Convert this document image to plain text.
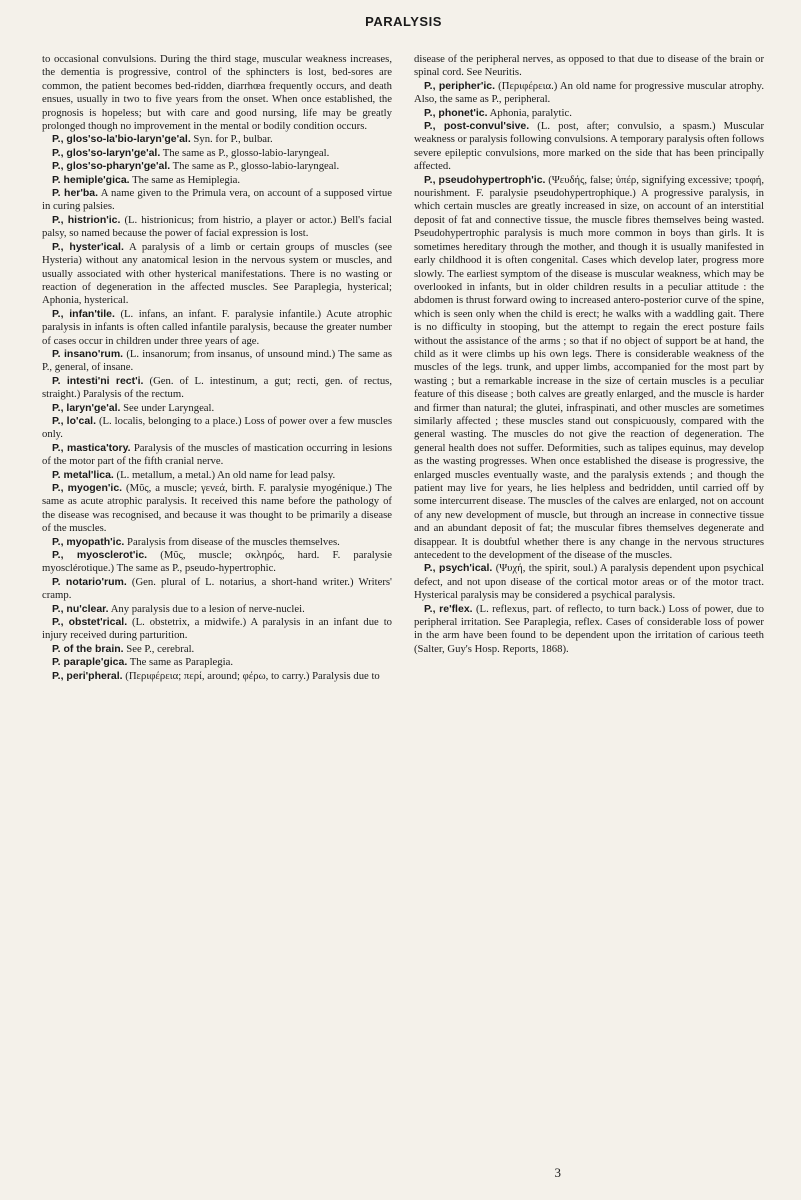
PARALYSIS

to occasional convulsions. During the third stage, muscular weakness increases, the dementia is progressive, control of the sphincters is lost, bed-sores are common, the patient becomes bed-ridden, diarrhœa frequently occurs, and death ensues, usually in two to five years from the onset. When once established, the prognosis is hopeless; but with care and good nursing, life may be greatly prolonged though no improvement in the mental or bodily condition occurs.

P., glos'so-la'bio-laryn'ge'al. Syn. for P., bulbar.

P., glos'so-laryn'ge'al. The same as P., glosso-labio-laryngeal.

P., glos'so-pharyn'ge'al. The same as P., glosso-labio-laryngeal.

P. hemiple'gica. The same as Hemiplegia.

P. her'ba. A name given to the Primula vera, on account of a supposed virtue in curing palsies.

P., histrion'ic. (L. histrionicus; from histrio, a player or actor.) Bell's facial palsy, so named because the power of facial expression is lost.

P., hyster'ical. A paralysis of a limb or certain groups of muscles (see Hysteria) without any anatomical lesion in the nervous system or muscles, and usually associated with other hysterical manifestations. There is no wasting or reaction of degeneration in the affected muscles. See Paraplegia, hysterical; Aphonia, hysterical.

P., infan'tile. (L. infans, an infant. F. paralysie infantile.) Acute atrophic paralysis in infants is often called infantile paralysis, because the greater number of cases occur in children under three years of age.

P. insano'rum. (L. insanorum; from insanus, of unsound mind.) The same as P., general, of insane.

P. intesti'ni rect'i. (Gen. of L. intestinum, a gut; recti, gen. of rectus, straight.) Paralysis of the rectum.

P., laryn'ge'al. See under Laryngeal.

P., lo'cal. (L. localis, belonging to a place.) Loss of power over a few muscles only.

P., mastica'tory. Paralysis of the muscles of mastication occurring in lesions of the motor part of the fifth cranial nerve.

P. metal'lica. (L. metallum, a metal.) An old name for lead palsy.

P., myogen'ic. (Μῦς, a muscle; γενεά, birth. F. paralysie myogénique.) The same as acute atrophic paralysis. It received this name before the pathology of the disease was recognised, and because it was thought to be primarily a disease of the muscles.

P., myopath'ic. Paralysis from disease of the muscles themselves.

P., myosclerot'ic. (Μῦς, muscle; σκληρός, hard. F. paralysie myosclérotique.) The same as P., pseudo-hypertrophic.

P. notario'rum. (Gen. plural of L. notarius, a short-hand writer.) Writers' cramp.

P., nu'clear. Any paralysis due to a lesion of nerve-nuclei.

P., obstet'rical. (L. obstetrix, a midwife.) A paralysis in an infant due to injury received during parturition.

P. of the brain. See P., cerebral.

P. paraple'gica. The same as Paraplegia.

P., peri'pheral. (Περιφέρεια; περί, around; φέρω, to carry.) Paralysis due to

disease of the peripheral nerves, as opposed to that due to disease of the brain or spinal cord. See Neuritis.

P., peripher'ic. (Περιφέρεια.) An old name for progressive muscular atrophy. Also, the same as P., peripheral.

P., phonet'ic. Aphonia, paralytic.

P., post-convul'sive. (L. post, after; convulsio, a spasm.) Muscular weakness or paralysis following convulsions. A temporary paralysis often follows severe epileptic convulsions, more marked on the side that has been principally affected.

P., pseudohypertroph'ic. (Ψευδής, false; ὑπέρ, signifying excessive; τροφή, nourishment. F. paralysie pseudohypertrophique.) A progressive paralysis, in which certain muscles are greatly increased in size, on account of an interstitial deposit of fat and connective tissue, the muscle fibres themselves being wasted. Pseudohypertrophic paralysis is much more common in boys than girls. It is sometimes hereditary through the mother, and though it is usually manifested in early childhood it is often congenital. Cases which develop later, progress more slowly. The earliest symptom of the disease is muscular weakness, which may be overlooked in infants, but in older children results in a peculiar attitude : the abdomen is thrust forward owing to increased antero-posterior curve of the spine, which is seen only when the child is erect; he walks with a waddling gait. There is no difficulty in stooping, but the attempt to regain the erect posture fails without the assistance of the arms ; so that if no object of support be at hand, the child as it were climbs up his own legs. There is considerable weakness of the muscles of the legs. trunk, and upper limbs, accompanied for the most part by wasting ; but a remarkable increase in the size of certain muscles is a peculiar feature of this disease ; both calves are greatly enlarged, and the muscle is harder and firmer than natural; the glutei, infraspinati, and other muscles are sometimes similarly affected ; these muscles stand out conspicuously, compared with the general wasting. The muscles do not give the reaction of degeneration. The general health does not suffer. Deformities, such as talipes equinus, may develop as the wasting progresses. When once established the disease is progressive, the enlarged muscles eventually waste, and the paralysis extends ; and though the patient may live for years, he lies helpless and bedridden, until carried off by some intercurrent disease. The muscles of the calves are enlarged, not on account of any new development of muscle, but through an increase in connective tissue and an abundant deposit of fat; the muscular fibres themselves degenerate and disappear. It is doubtful whether there is any change in the nervous structures antecedent to the development of the disease of the muscles.

P., psych'ical. (Ψυχή, the spirit, soul.) A paralysis dependent upon psychical defect, and not upon disease of the cortical motor areas or of the motor tract. Hysterical paralysis may be considered a psychical paralysis.

P., re'flex. (L. reflexus, part. of reflecto, to turn back.) Loss of power, due to peripheral irritation. See Paraplegia, reflex. Cases of considerable loss of power in the arm have been found to be dependent upon the irritation of carious teeth (Salter, Guy's Hosp. Reports, 1868).

3
